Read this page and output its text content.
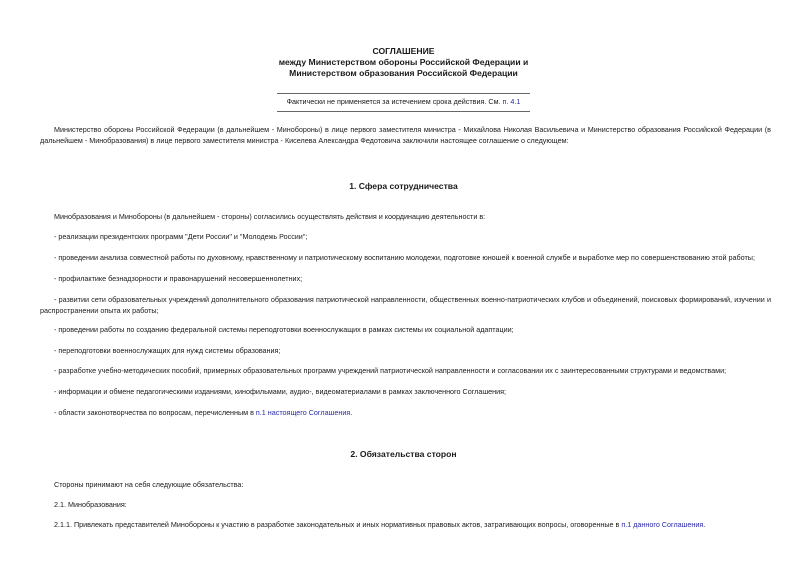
СОГЛАШЕНИЕ
между Министерством обороны Российской Федерации и
Министерством образования Российской Федерации
Фактически не применяется за истечением срока действия. См. п. 4.1

Министерство обороны Российской Федерации (в дальнейшем - Минобороны) в лице первого заместителя министра - Михайлова Николая Васильевича и Министерство образования Российской Федерации (в дальнейшем - Минобразования) в лице первого заместителя министра - Киселева Александра Федотовича заключили настоящее соглашение о следующем:

1. Сфера сотрудничества

Минобразования и Минобороны (в дальнейшем - стороны) согласились осуществлять действия и координацию деятельности в:

- реализации президентских программ "Дети России" и "Молодежь России";

- проведении анализа совместной работы по духовному, нравственному и патриотическому воспитанию молодежи, подготовке юношей к военной службе и выработке мер по совершенствованию этой работы;

- профилактике безнадзорности и правонарушений несовершеннолетних;

- развитии сети образовательных учреждений дополнительного образования патриотической направленности, общественных военно-патриотических клубов и объединений, поисковых формирований, изучении и распространении опыта их работы;

- проведении работы по созданию федеральной системы переподготовки военнослужащих в рамках системы их социальной адаптации;

- переподготовки военнослужащих для нужд системы образования;

- разработке учебно-методических пособий, примерных образовательных программ учреждений патриотической направленности и согласовании их с заинтересованными структурами и ведомствами;

- информации и обмене педагогическими изданиями, кинофильмами, аудио-, видеоматериалами в рамках заключенного Соглашения;

- области законотворчества по вопросам, перечисленным в п.1 настоящего Соглашения.

2. Обязательства сторон

Стороны принимают на себя следующие обязательства:

2.1. Минобразования:

2.1.1. Привлекать представителей Минобороны к участию в разработке законодательных и иных нормативных правовых актов, затрагивающих вопросы, оговоренные в п.1 данного Соглашения.
